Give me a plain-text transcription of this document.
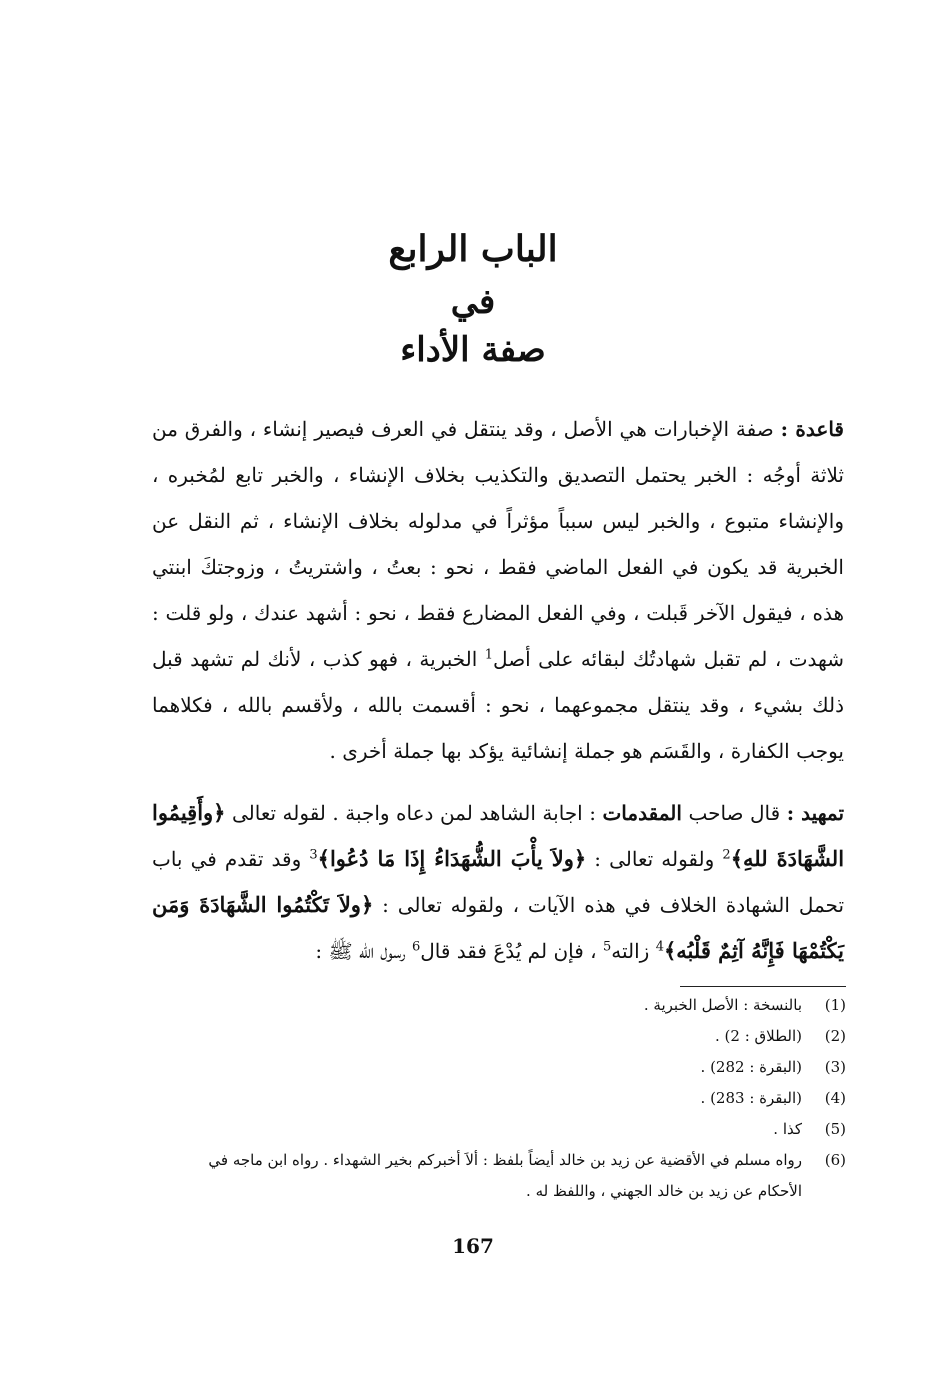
الباب الرابع
في
صفة الأداء
قاعدة : صفة الإخبارات هي الأصل ، وقد ينتقل في العرف فيصير إنشاء ، والفرق من ثلاثة أوجُه : الخبر يحتمل التصديق والتكذيب بخلاف الإنشاء ، والخبر تابع لمُخبره ، والإنشاء متبوع ، والخبر ليس سبباً مؤثراً في مدلوله بخلاف الإنشاء ، ثم النقل عن الخبرية قد يكون في الفعل الماضي فقط ، نحو : بعتُ ، واشتريتُ ، وزوجتكَ ابنتي هذه ، فيقول الآخر قَبلت ، وفي الفعل المضارع فقط ، نحو : أشهد عندك ، ولو قلت : شهدت ، لم تقبل شهادتُك لبقائه على أصل$^1$ الخبرية ، فهو كذب ، لأنك لم تشهد قبل ذلك بشيء ، وقد ينتقل مجموعهما ، نحو : أقسمت بالله ، ولأقسم بالله ، فكلاهما يوجب الكفارة ، والقَسَم هو جملة إنشائية يؤكد بها جملة أخرى .
تمهيد : قال صاحب المقدمات : اجابة الشاهد لمن دعاه واجبة . لقوله تعالى ﴿وأَقِيمُوا الشَّهَادَةَ للهِ﴾$^2$ ولقوله تعالى : ﴿ولاَ يأْبَ الشُّهَدَاءُ إِذَا مَا دُعُوا﴾$^3$ وقد تقدم في باب تحمل الشهادة الخلاف في هذه الآيات ، ولقوله تعالى : ﴿ولاَ تَكْتُمُوا الشَّهَادَةَ وَمَن يَكْتُمْهَا فَإِنَّهُ آثِمٌ قَلْبُه﴾$^4$ زالته$^5$ ، فإن لم يُدْعَ فقد قال$^6$ رسول الله ﷺ :
(1)
بالنسخة : الأصل الخبرية .
(2)
(الطلاق : 2) .
(3)
(البقرة : 282) .
(4)
(البقرة : 283) .
(5)
كذا .
(6)
رواه مسلم في الأقضية عن زيد بن خالد أيضاً بلفظ : ألاَ أخبركم بخير الشهداء . رواه ابن ماجه في الأحكام عن زيد بن خالد الجهني ، واللفظ له .
167
